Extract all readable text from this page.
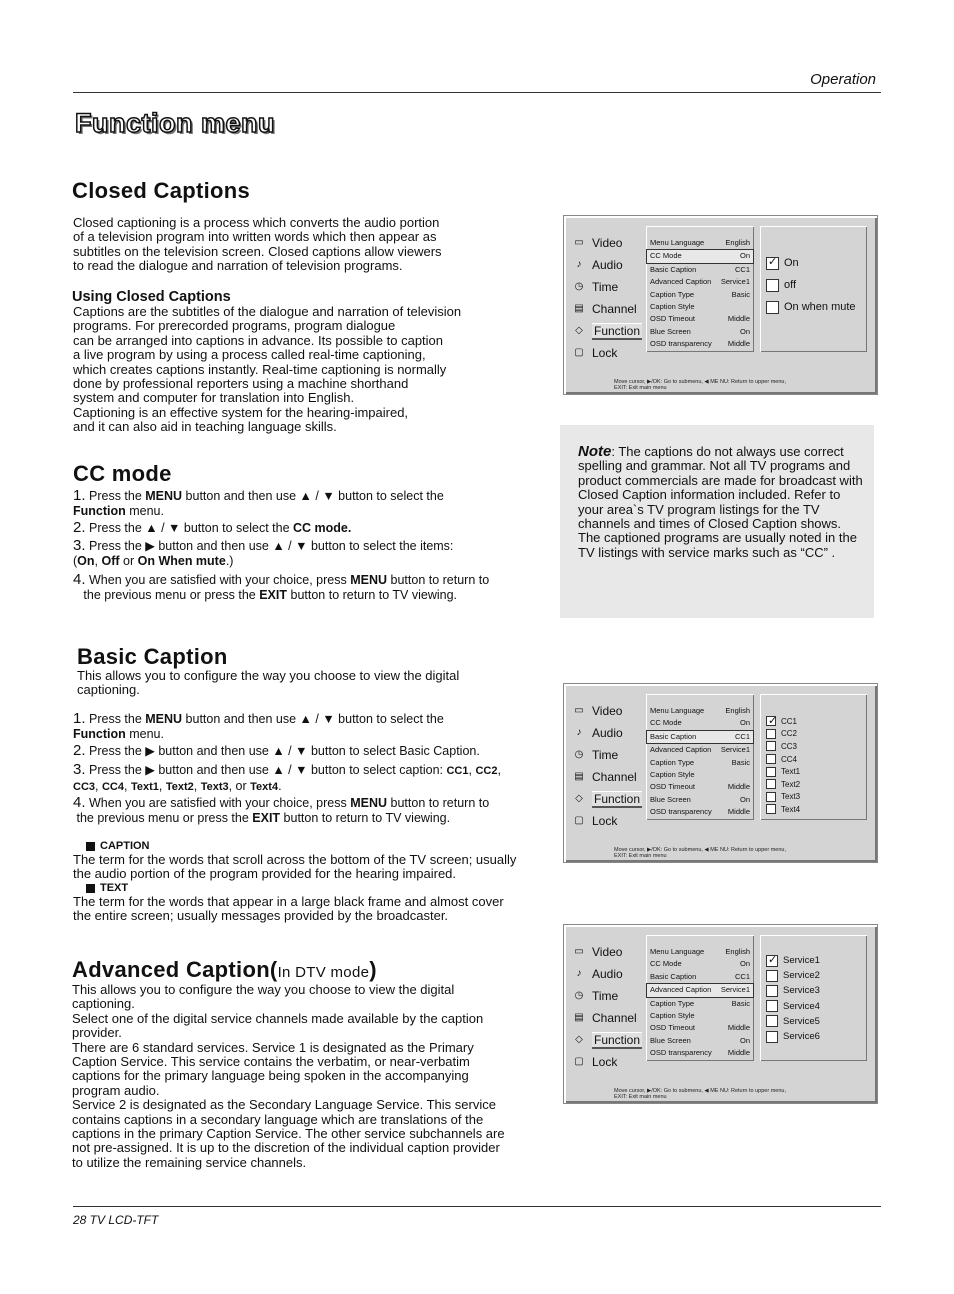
Operation
Function menu
Closed Captions

Closed captioning is a process which converts the audio portion
of a television program into written words which then appear as
subtitles on the television screen. Closed captions allow viewers
to read the dialogue and narration of television programs.

Using Closed Captions

Captions are the subtitles of the dialogue and narration of television
programs. For prerecorded programs, program dialogue
can be arranged into captions in advance. Its possible to caption
a live program by using a process called real-time captioning,
which creates captions instantly. Real-time captioning is normally
done by professional reporters using a machine shorthand
system and computer for translation into English.
Captioning is an effective system for the hearing-impaired,
and it can also aid in teaching language skills.

▭ Video
♪ Audio
◷ Time
▤ Channel
◇ Function
▢ Lock
Menu Language	English
CC Mode	On
Basic Caption	CC1
Advanced Caption Service1
Caption Type	Basic
Caption Style
OSD Timeout	Middle
Blue Screen	On
OSD transparency Middle
✓
On
off
On when mute
Move cursor, ▶/OK: Go to submenu, ◀ ME NU: Return to upper menu,
EXIT: Exit main menu
Note: The captions do not always use correct spelling and grammar. Not all TV programs and product commercials are made for broadcast with Closed Caption information included. Refer to your area`s TV program listings for the TV channels and times of Closed Caption shows. The captioned programs are usually noted in the TV listings with service marks such as “CC” .
CC mode
1. Press the MENU button and then use ▲ / ▼ button to select the
Function menu.
2. Press the ▲ / ▼ button to select the CC mode.
3. Press the ▶ button and then use ▲ / ▼ button to select the items:
(On, Off or On When mute.)
4. When you are satisfied with your choice, press MENU button to return to
the previous menu or press the EXIT button to return to TV viewing.
Basic Caption

This allows you to configure the way you choose to view the digital
captioning.

1. Press the MENU button and then use ▲ / ▼ button to select the
Function menu.
2. Press the ▶ button and then use ▲ / ▼ button to select Basic Caption.
3. Press the ▶ button and then use ▲ / ▼ button to select caption: CC1, CC2,
CC3, CC4, Text1, Text2, Text3, or Text4.
4. When you are satisfied with your choice, press MENU button to return to
the previous menu or press the EXIT button to return to TV viewing.
CAPTION

The term for the words that scroll across the bottom of the TV screen; usually
the audio portion of the program provided for the hearing impaired.

TEXT

The term for the words that appear in a large black frame and almost cover
the entire screen; usually messages provided by the broadcaster.

▭ Video
♪ Audio
◷ Time
▤ Channel
◇ Function
▢ Lock
Menu Language	English
CC Mode	On
Basic Caption	CC1
Advanced Caption Service1
Caption Type	Basic
Caption Style
OSD Timeout	Middle
Blue Screen	On
OSD transparency Middle
✓
CC1
CC2
CC3
CC4
Text1
Text2
Text3
Text4
Move cursor, ▶/OK: Go to submenu, ◀ ME NU: Return to upper menu,
EXIT: Exit main menu
Advanced Caption(In DTV mode)

This allows you to configure the way you choose to view the digital
captioning.
Select one of the digital service channels made available by the caption
provider.
There are 6 standard services. Service 1 is designated as the Primary
Caption Service. This service contains the verbatim, or near-verbatim
captions for the primary language being spoken in the accompanying
program audio.
Service 2 is designated as the Secondary Language Service. This service
contains captions in a secondary language which are translations of the
captions in the primary Caption Service. The other service subchannels are
not pre-assigned. It is up to the discretion of the individual caption provider
to utilize the remaining service channels.

▭ Video
♪ Audio
◷ Time
▤ Channel
◇ Function
▢ Lock
Menu Language	English
CC Mode	On
Basic Caption	CC1
Advanced Caption Service1
Caption Type	Basic
Caption Style
OSD Timeout	Middle
Blue Screen	On
OSD transparency Middle
✓
Service1
Service2
Service3
Service4
Service5
Service6
Move cursor, ▶/OK: Go to submenu, ◀ ME NU: Return to upper menu,
EXIT: Exit main menu
28 TV LCD-TFT
